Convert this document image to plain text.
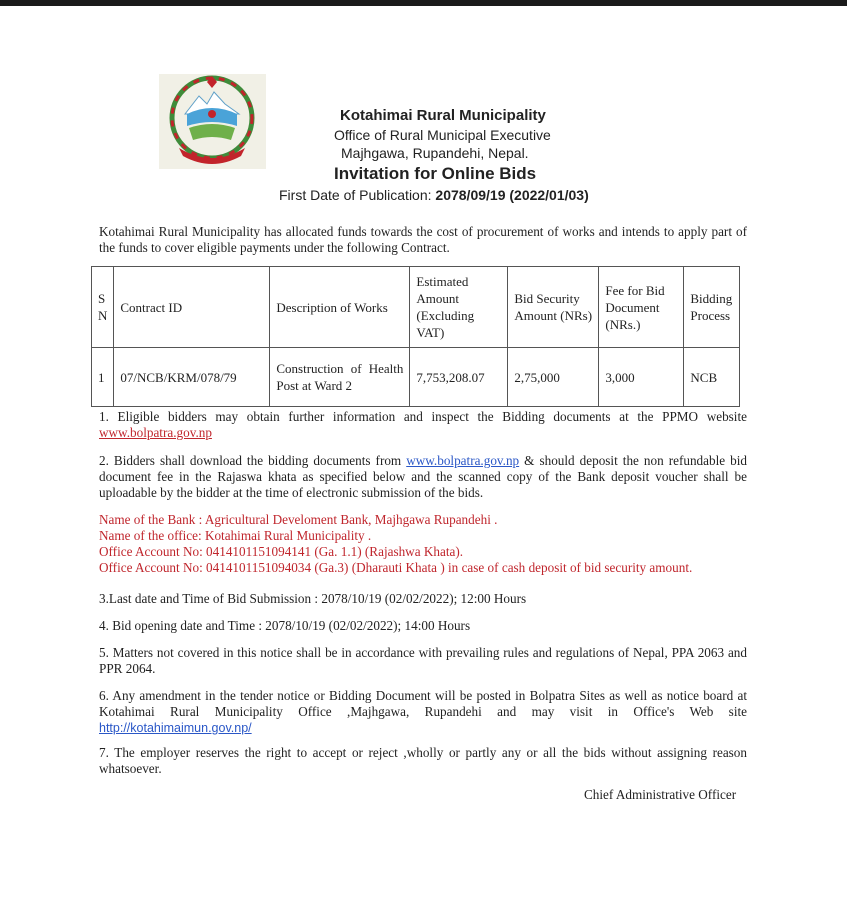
Kotahimai Rural Municipality
Office of Rural Municipal Executive
Majhgawa, Rupandehi, Nepal.
Invitation for Online Bids
First Date of Publication: 2078/09/19 (2022/01/03)
Kotahimai Rural Municipality has allocated funds towards the cost of procurement of works and intends to apply part of the funds to cover eligible payments under the following Contract.
S N	Contract ID	Description of Works	Estimated Amount (Excluding VAT)	Bid Security Amount (NRs)	Fee for Bid Document (NRs.)	Bidding Process
1	07/NCB/KRM/078/79	Construction of Health Post at Ward 2	7,753,208.07	2,75,000	3,000	NCB
1. Eligible bidders may obtain further information and inspect the Bidding documents at the PPMO website www.bolpatra.gov.np
2. Bidders shall download the bidding documents from www.bolpatra.gov.np & should deposit the non refundable bid document fee in the Rajaswa khata as specified below and the scanned copy of the Bank deposit voucher shall be uploadable by the bidder at the time of electronic submission of the bids.
Name of the Bank : Agricultural Develoment Bank, Majhgawa Rupandehi .
Name of the office: Kotahimai Rural Municipality .
Office Account No: 0414101151094141 (Ga. 1.1) (Rajashwa Khata).
Office Account No: 0414101151094034 (Ga.3) (Dharauti Khata ) in case of cash deposit of bid security amount.
3.Last date and Time of Bid Submission : 2078/10/19 (02/02/2022); 12:00 Hours
4. Bid opening date and Time : 2078/10/19 (02/02/2022); 14:00 Hours
5. Matters not covered in this notice shall be in accordance with prevailing rules and regulations of Nepal, PPA 2063 and PPR 2064.
6. Any amendment in the tender notice or Bidding Document will be posted in Bolpatra Sites as well as notice board at Kotahimai Rural Municipality Office ,Majhgawa, Rupandehi and may visit in Office's Web site http://kotahimaimun.gov.np/
7. The employer reserves the right to accept or reject ,wholly or partly any or all the bids without assigning reason whatsoever.
Chief Administrative Officer
